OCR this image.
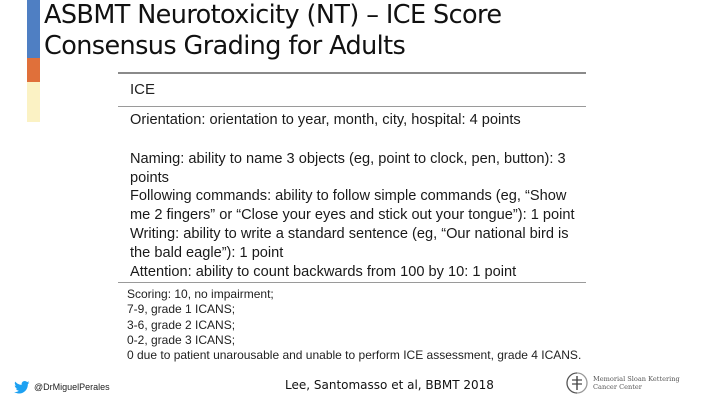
ASBMT Neurotoxicity (NT) – ICE Score
Consensus Grading for Adults
ICE
Orientation: orientation to year, month, city, hospital: 4 points
Naming: ability to name 3 objects (eg, point to clock, pen, button): 3
points
Following commands: ability to follow simple commands (eg, “Show
me 2 fingers” or “Close your eyes and stick out your tongue”): 1 point
Writing: ability to write a standard sentence (eg, “Our national bird is
the bald eagle”): 1 point
Attention: ability to count backwards from 100 by 10: 1 point
Scoring: 10, no impairment;
7-9, grade 1 ICANS;
3-6, grade 2 ICANS;
0-2, grade 3 ICANS;
0 due to patient unarousable and unable to perform ICE assessment, grade 4 ICANS.
@DrMiguelPerales	Lee, Santomasso et al, BBMT 2018	Memorial Sloan Kettering
Cancer Center
